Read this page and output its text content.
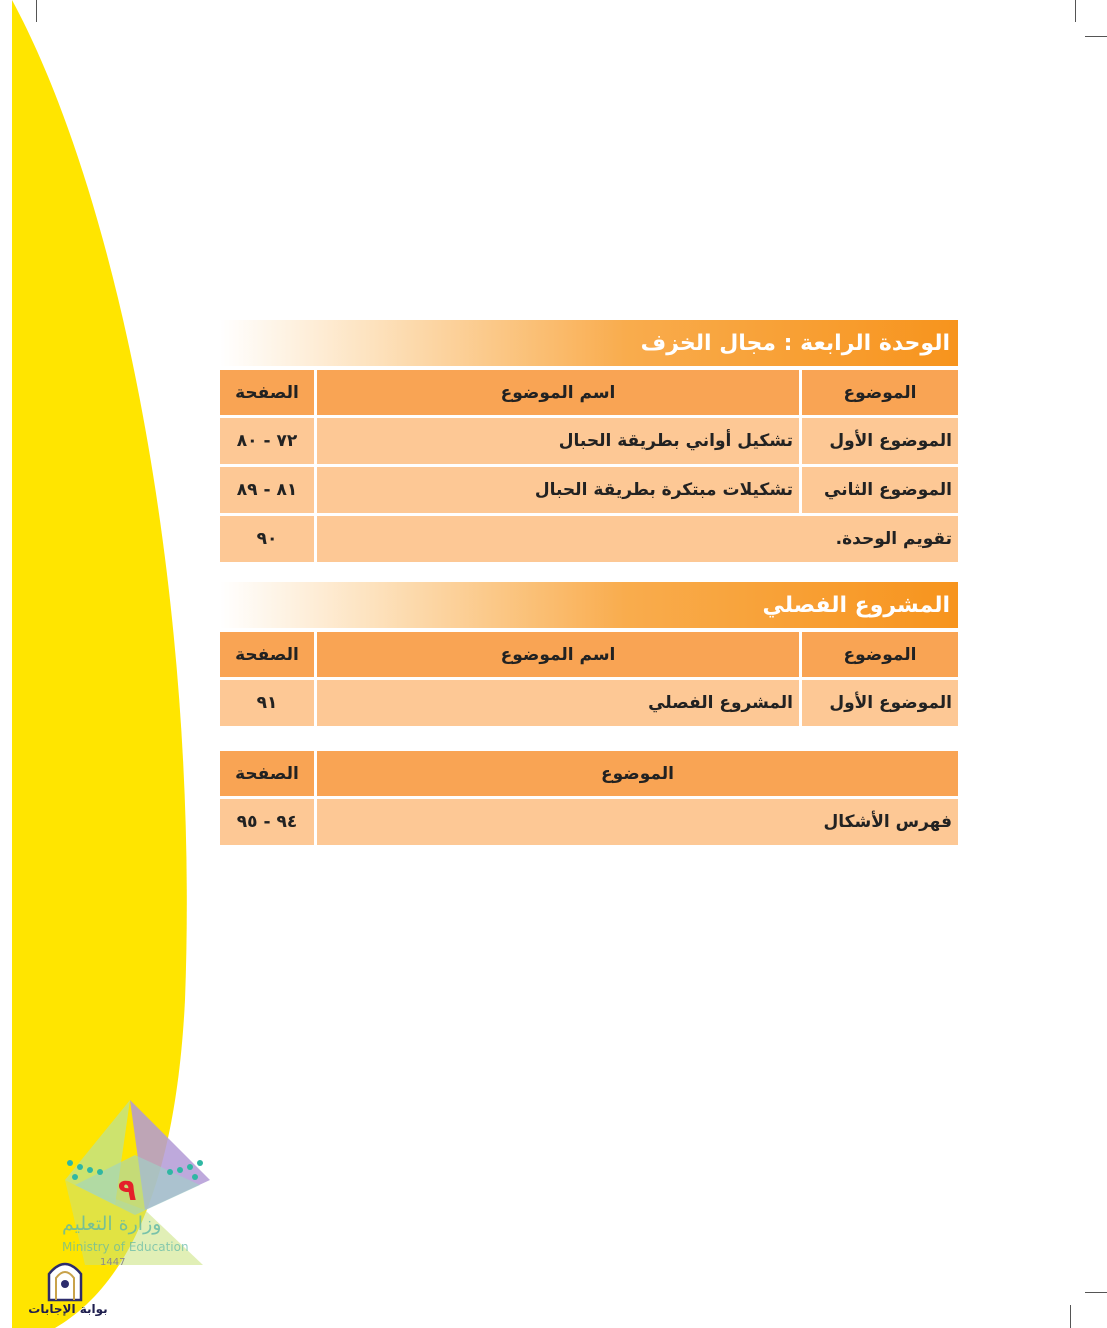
الوحدة الرابعة : مجال الخزف
الموضوع
اسم الموضوع
الصفحة
الموضوع الأول
تشكيل أواني بطريقة الحبال
٧٢ - ٨٠
الموضوع الثاني
تشكيلات مبتكرة بطريقة الحبال
٨١ - ٨٩
تقويم الوحدة.
٩٠
المشروع الفصلي
الموضوع
اسم الموضوع
الصفحة
الموضوع الأول
المشروع الفصلي
٩١
الموضوع
الصفحة
فهرس الأشكال
٩٤ - ٩٥
٩
وزارة التعليم
Ministry of Education
1447
بوابة الإجابات
